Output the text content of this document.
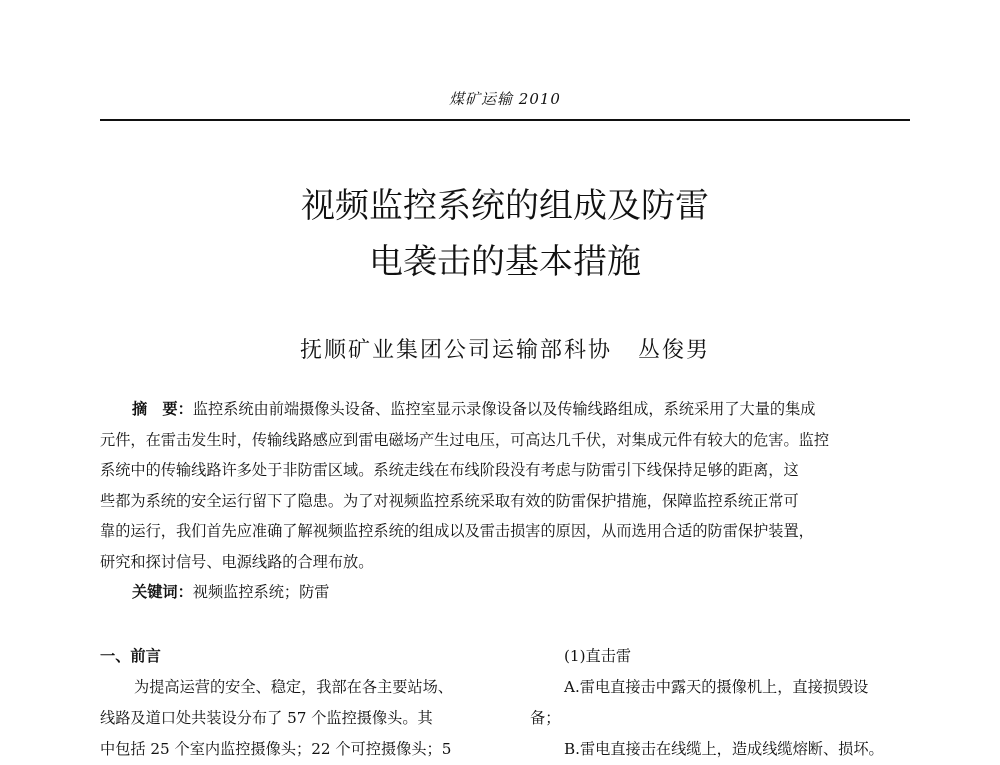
煤矿运输 2010
视频监控系统的组成及防雷
电袭击的基本措施
抚顺矿业集团公司运输部科协 丛俊男
摘　要：监控系统由前端摄像头设备、监控室显示录像设备以及传输线路组成，系统采用了大量的集成
元件，在雷击发生时，传输线路感应到雷电磁场产生过电压，可高达几千伏，对集成元件有较大的危害。监控
系统中的传输线路许多处于非防雷区域。系统走线在布线阶段没有考虑与防雷引下线保持足够的距离，这
些都为系统的安全运行留下了隐患。为了对视频监控系统采取有效的防雷保护措施，保障监控系统正常可
靠的运行，我们首先应准确了解视频监控系统的组成以及雷击损害的原因，从而选用合适的防雷保护装置，
研究和探讨信号、电源线路的合理布放。
关键词：视频监控系统；防雷
一、前言
为提高运营的安全、稳定，我部在各主要站场、
线路及道口处共装设分布了 57 个监控摄像头。其
中包括 25 个室内监控摄像头；22 个可控摄像头；5
(1)直击雷
A.雷电直接击中露天的摄像机上，直接损毁设
备；
B.雷电直接击在线缆上，造成线缆熔断、损坏。
